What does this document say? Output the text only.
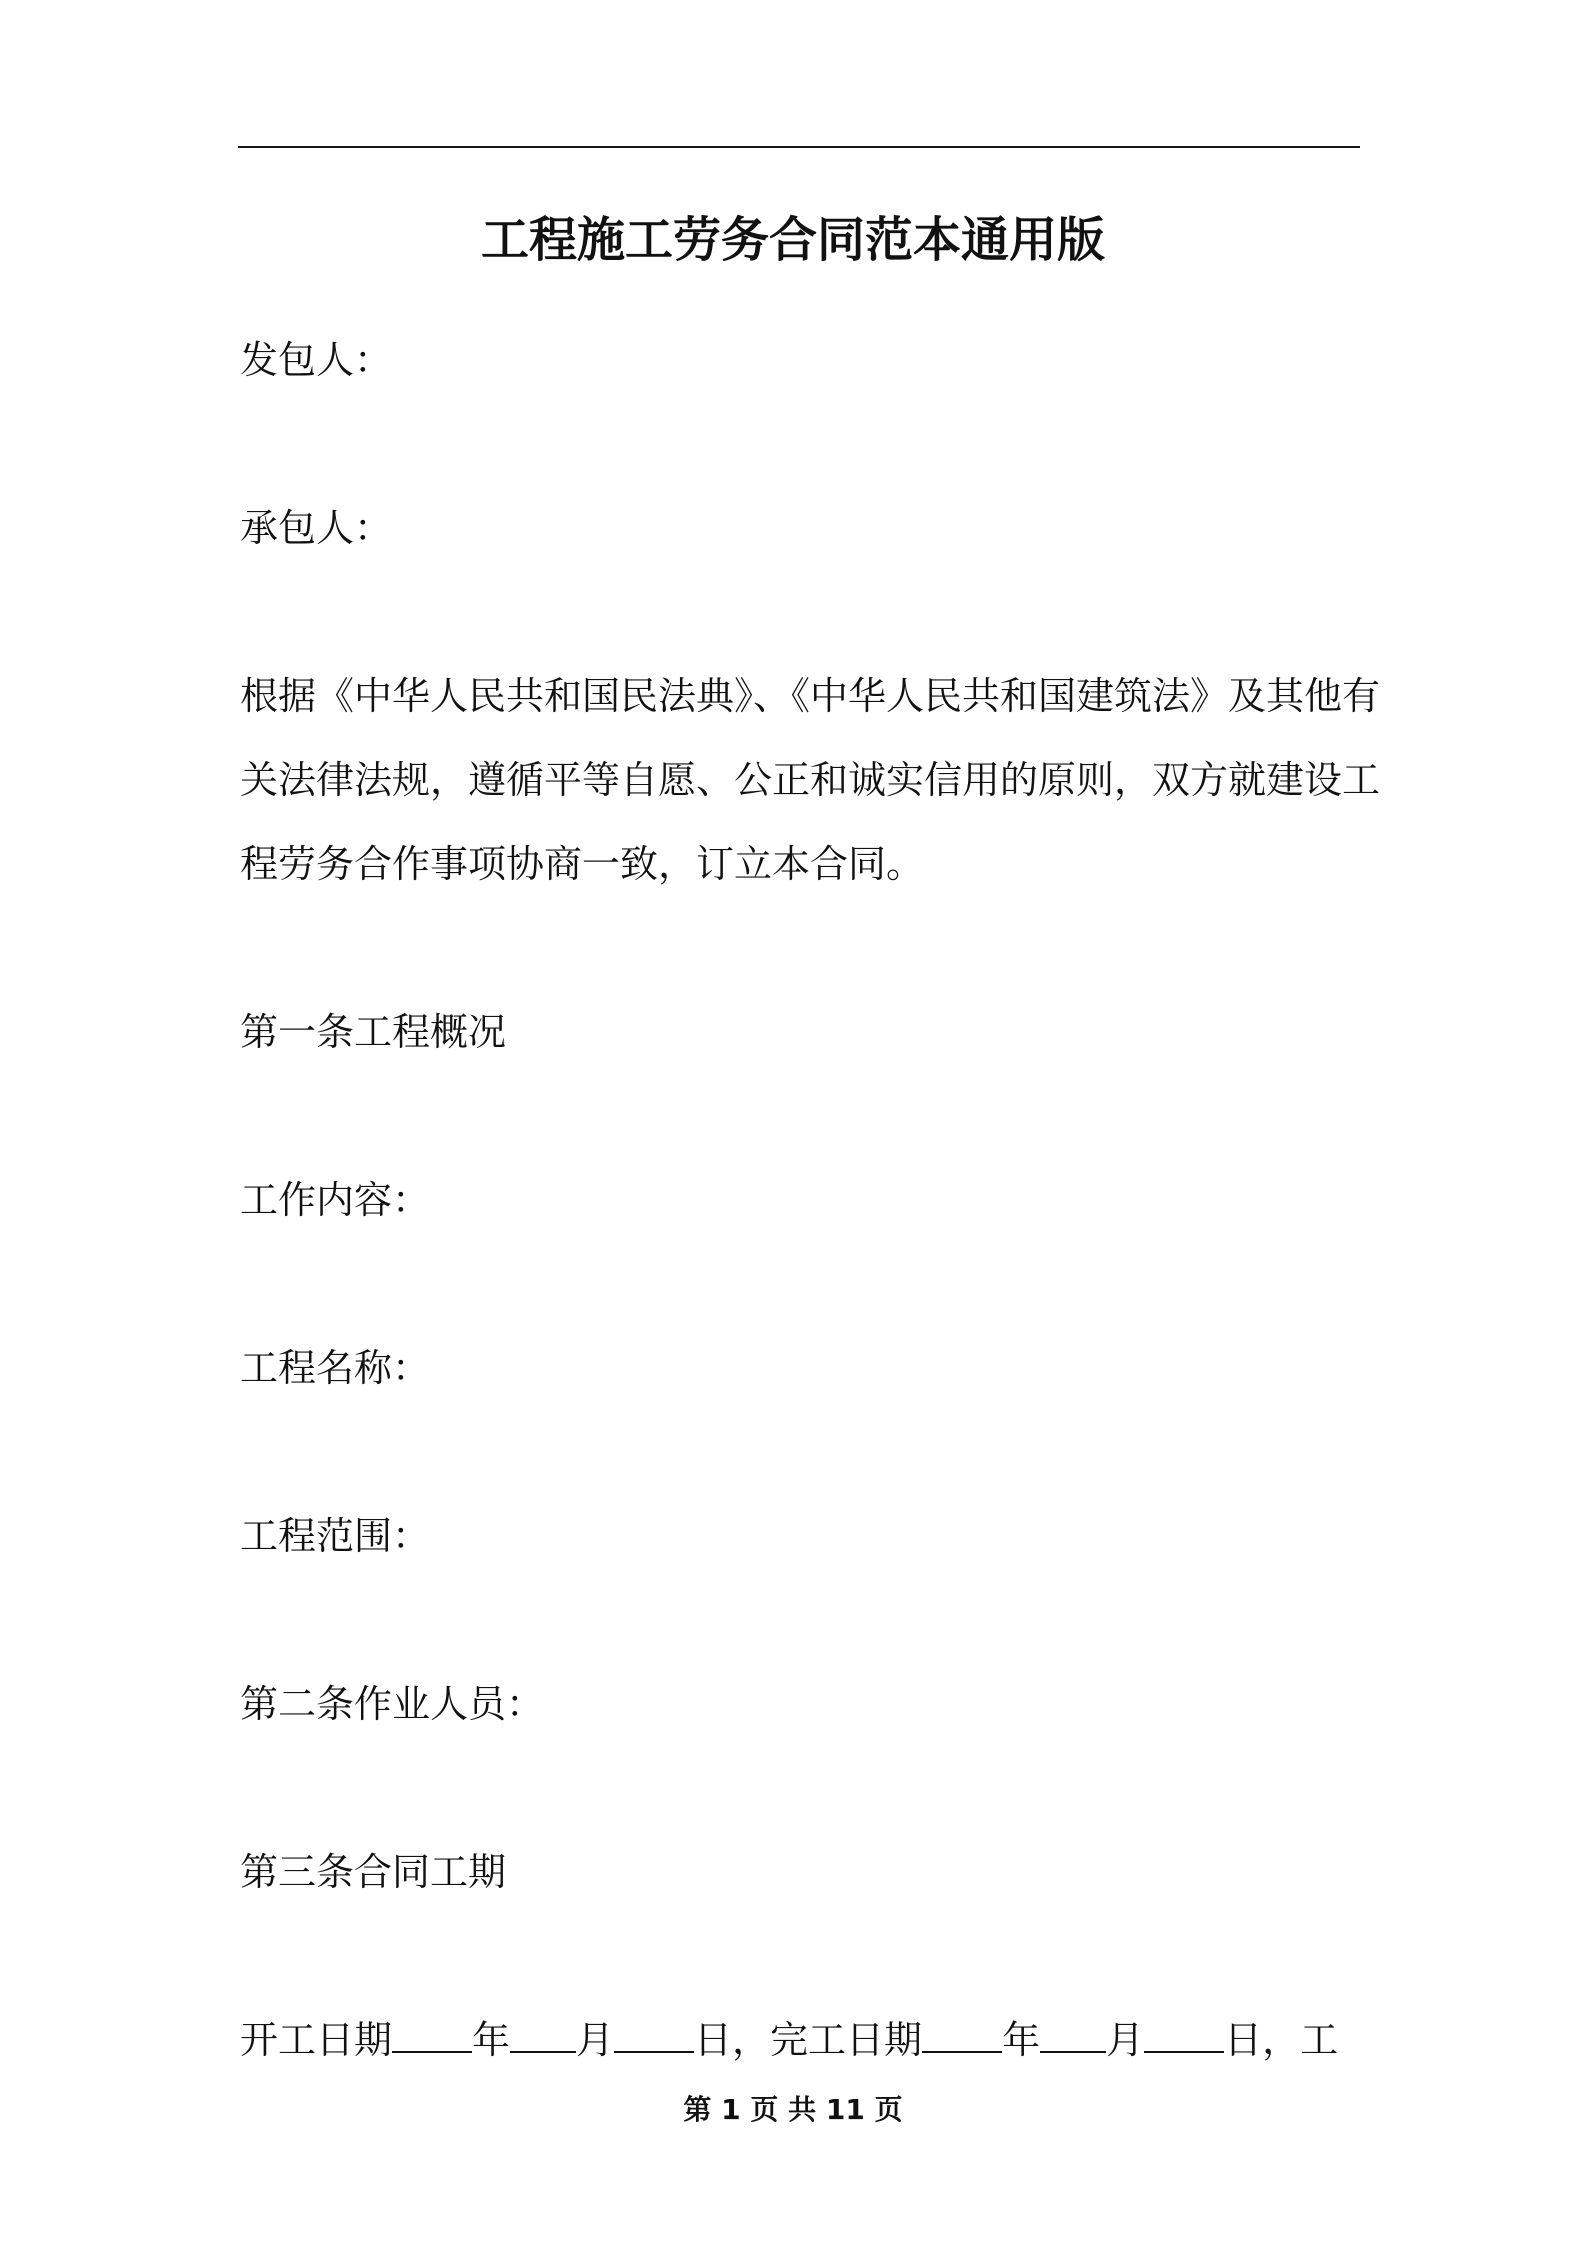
工程施工劳务合同范本通用版
发包人：
承包人：
根据《中华人民共和国民法典》、《中华人民共和国建筑法》及其他有
关法律法规，遵循平等自愿、公正和诚实信用的原则，双方就建设工
程劳务合作事项协商一致，订立本合同。
第一条工程概况
工作内容：
工程名称：
工程范围：
第二条作业人员：
第三条合同工期
开工日期 年 月 日，完工日期 年 月 日，工
第 1 页 共 11 页
